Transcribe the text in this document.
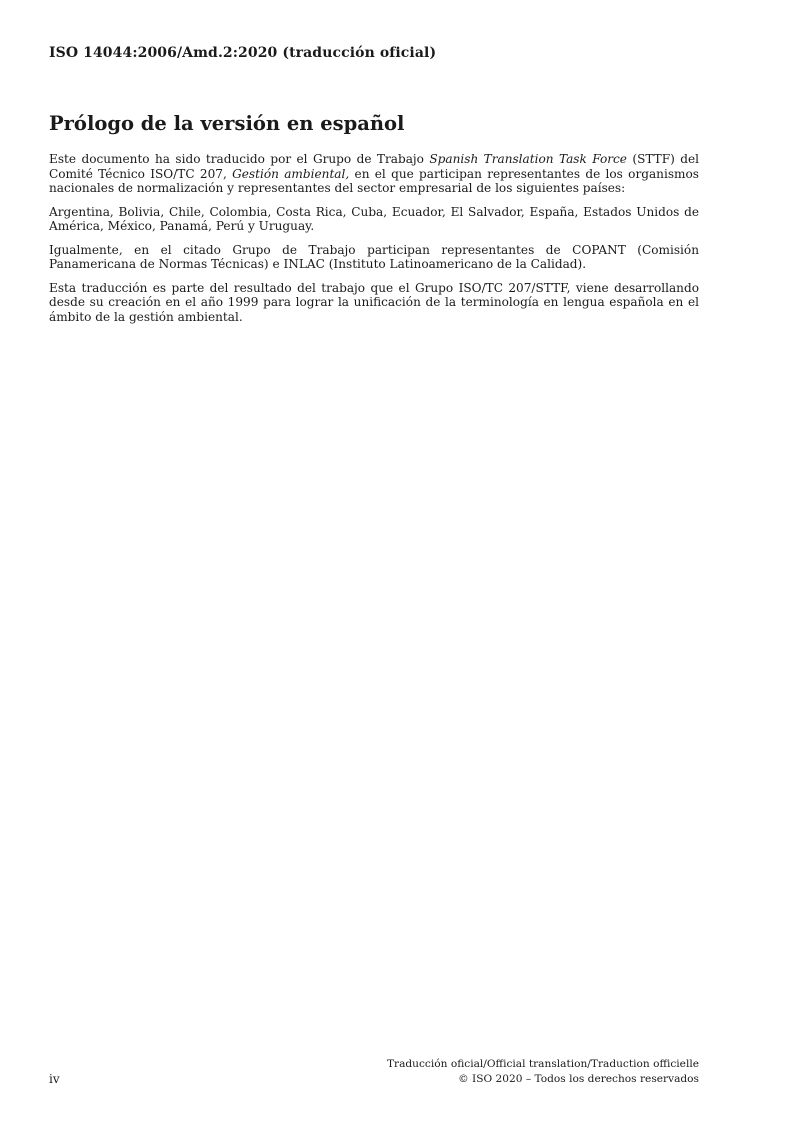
ISO 14044:2006/Amd.2:2020 (traducción oficial)
Prólogo de la versión en español

Este documento ha sido traducido por el Grupo de Trabajo Spanish Translation Task Force (STTF) del Comité Técnico ISO/TC 207, Gestión ambiental, en el que participan representantes de los organismos nacionales de normalización y representantes del sector empresarial de los siguientes países:

Argentina, Bolivia, Chile, Colombia, Costa Rica, Cuba, Ecuador, El Salvador, España, Estados Unidos de América, México, Panamá, Perú y Uruguay.

Igualmente, en el citado Grupo de Trabajo participan representantes de COPANT (Comisión Panamericana de Normas Técnicas) e INLAC (Instituto Latinoamericano de la Calidad).

Esta traducción es parte del resultado del trabajo que el Grupo ISO/TC 207/STTF, viene desarrollando desde su creación en el año 1999 para lograr la unificación de la terminología en lengua española en el ámbito de la gestión ambiental.

iv
Traducción oficial/Official translation/Traduction officielle
© ISO 2020 – Todos los derechos reservados
